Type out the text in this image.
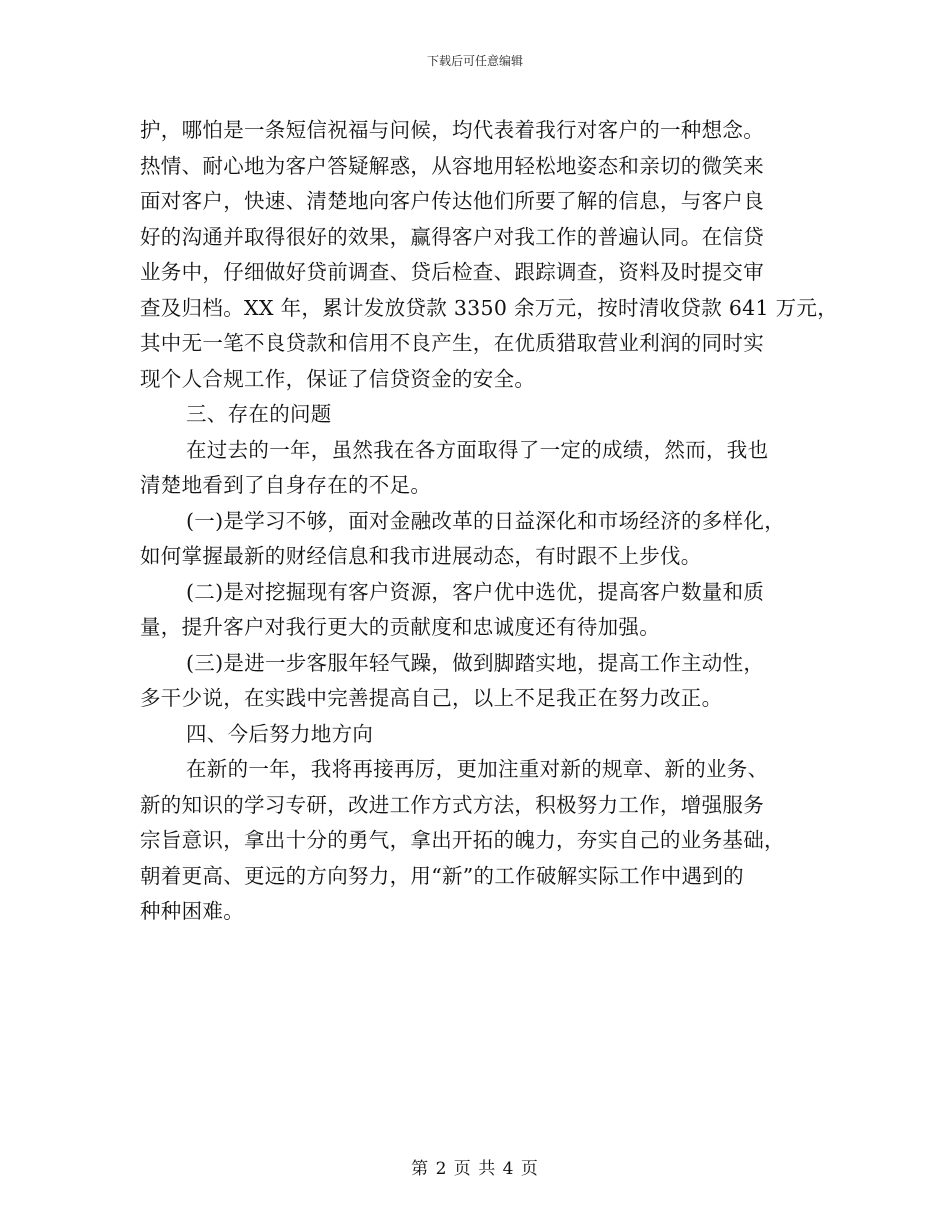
下载后可任意编辑
护，哪怕是一条短信祝福与问候，均代表着我行对客户的一种想念。
热情、耐心地为客户答疑解惑，从容地用轻松地姿态和亲切的微笑来
面对客户，快速、清楚地向客户传达他们所要了解的信息，与客户良
好的沟通并取得很好的效果，赢得客户对我工作的普遍认同。在信贷
业务中，仔细做好贷前调查、贷后检查、跟踪调查，资料及时提交审
查及归档。XX 年，累计发放贷款 3350 余万元，按时清收贷款 641 万元，
其中无一笔不良贷款和信用不良产生，在优质猎取营业利润的同时实
现个人合规工作，保证了信贷资金的安全。
三、存在的问题
在过去的一年，虽然我在各方面取得了一定的成绩，然而，我也
清楚地看到了自身存在的不足。
(一)是学习不够，面对金融改革的日益深化和市场经济的多样化，
如何掌握最新的财经信息和我市进展动态，有时跟不上步伐。
(二)是对挖掘现有客户资源，客户优中选优，提高客户数量和质
量，提升客户对我行更大的贡献度和忠诚度还有待加强。
(三)是进一步客服年轻气躁，做到脚踏实地，提高工作主动性，
多干少说，在实践中完善提高自己，以上不足我正在努力改正。
四、今后努力地方向
在新的一年，我将再接再厉，更加注重对新的规章、新的业务、
新的知识的学习专研，改进工作方式方法，积极努力工作，增强服务
宗旨意识，拿出十分的勇气，拿出开拓的魄力，夯实自己的业务基础，
朝着更高、更远的方向努力，用“新”的工作破解实际工作中遇到的
种种困难。
第 2 页 共 4 页
